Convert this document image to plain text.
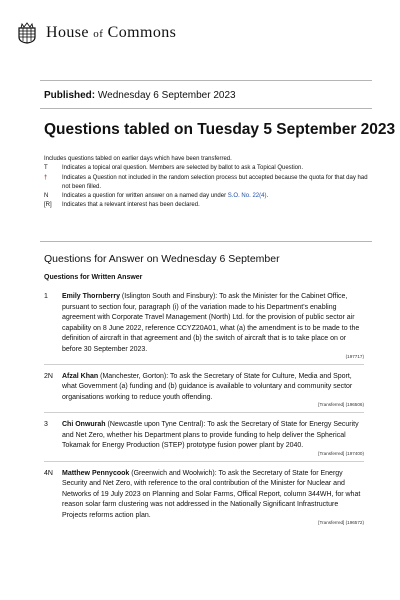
House of Commons
Published: Wednesday 6 September 2023
Questions tabled on Tuesday 5 September 2023
Includes questions tabled on earlier days which have been transferred.
T	Indicates a topical oral question. Members are selected by ballot to ask a Topical Question.
†	Indicates a Question not included in the random selection process but accepted because the quota for that day had not been filled.
N	Indicates a question for written answer on a named day under S.O. No. 22(4).
[R]	Indicates that a relevant interest has been declared.
Questions for Answer on Wednesday 6 September
Questions for Written Answer
1	Emily Thornberry (Islington South and Finsbury): To ask the Minister for the Cabinet Office, pursuant to section four, paragraph (i) of the variation made to his Department's enabling agreement with Corporate Travel Management (North) Ltd. for the provision of public sector air capability on 8 June 2022, reference CCYZ20A01, what (a) the amendment is to be made to the definition of aircraft in that agreement and (b) the switch of aircraft that is to take place on or before 30 September 2023.
(197717)
2N	Afzal Khan (Manchester, Gorton): To ask the Secretary of State for Culture, Media and Sport, what Government (a) funding and (b) guidance is available to voluntary and community sector organisations working to reduce youth offending.
[Transferred] (196506)
3	Chi Onwurah (Newcastle upon Tyne Central): To ask the Secretary of State for Energy Security and Net Zero, whether his Department plans to provide funding to help deliver the Spherical Tokamak for Energy Production (STEP) prototype fusion power plant by 2040.
[Transferred] (197400)
4N	Matthew Pennycook (Greenwich and Woolwich): To ask the Secretary of State for Energy Security and Net Zero, with reference to the oral contribution of the Minister for Nuclear and Networks of 19 July 2023 on Planning and Solar Farms, Offical Report, column 344WH, for what reason solar farm clustering was not addressed in the Nationally Significant Infrastructure Projects reforms action plan.
[Transferred] (196572)
